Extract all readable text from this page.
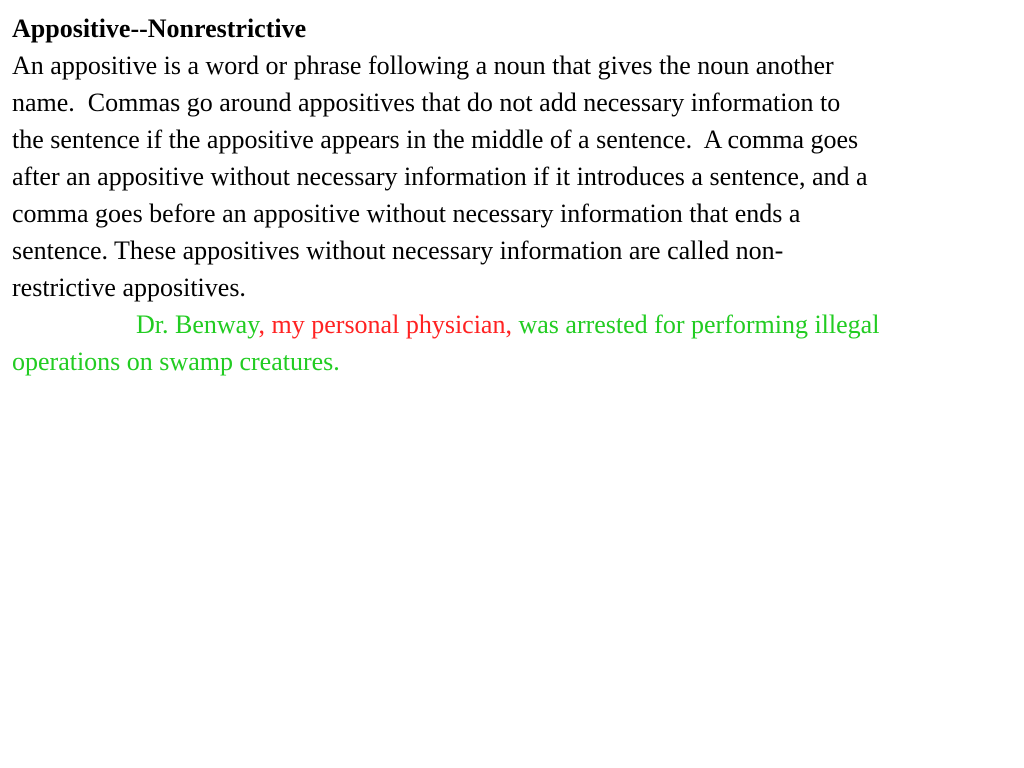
Appositive--Nonrestrictive
An appositive is a word or phrase following a noun that gives the noun another
name.  Commas go around appositives that do not add necessary information to
the sentence if the appositive appears in the middle of a sentence.  A comma goes
after an appositive without necessary information if it introduces a sentence, and a
comma goes before an appositive without necessary information that ends a
sentence. These appositives without necessary information are called non-
restrictive appositives.
Dr. Benway, my personal physician, was arrested for performing illegal
operations on swamp creatures.
